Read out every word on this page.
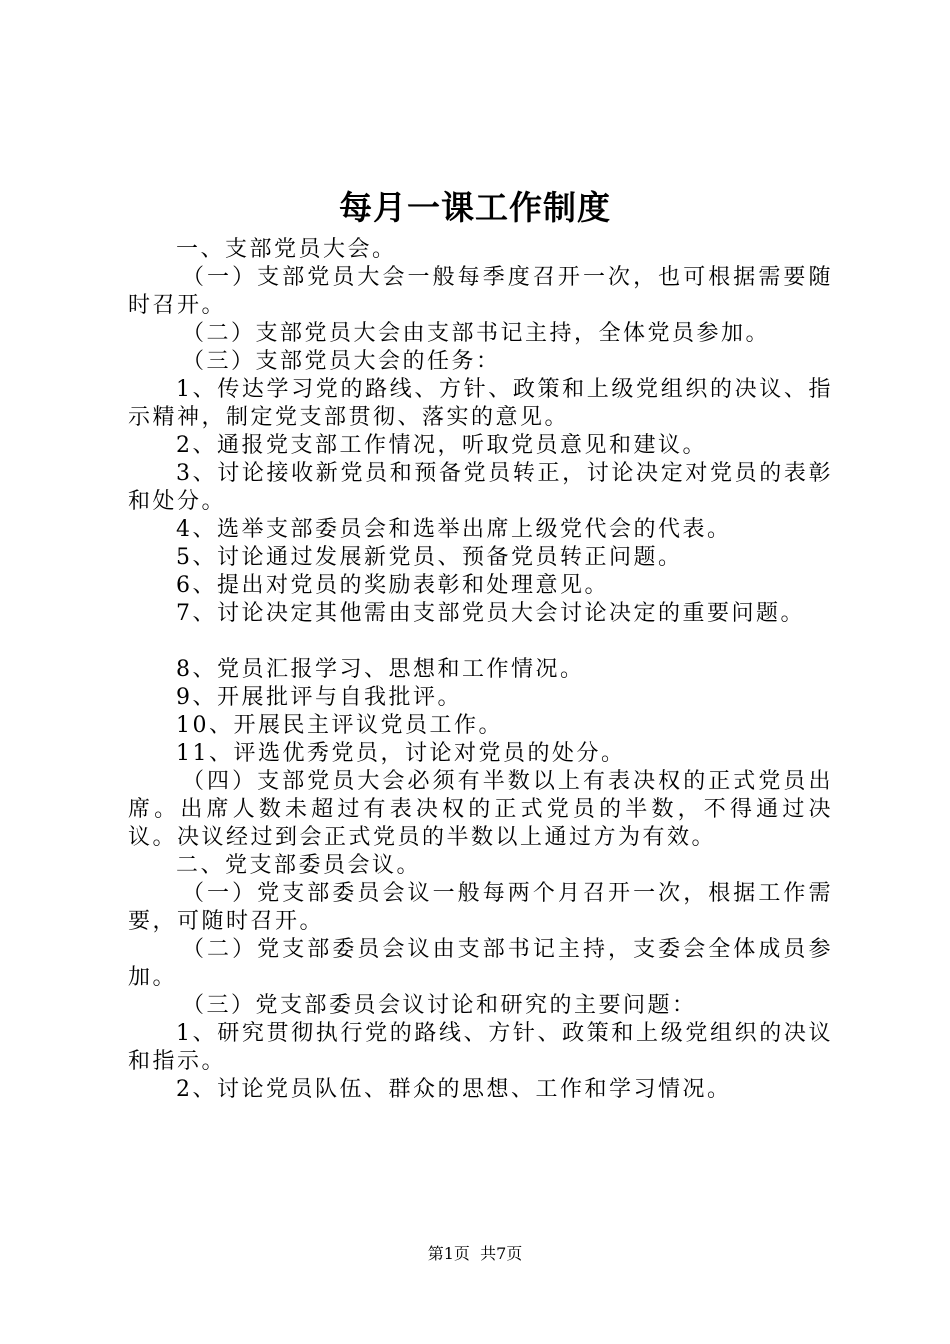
每月一课工作制度

一、支部党员大会。

（一）支部党员大会一般每季度召开一次，也可根据需要随时召开。

（二）支部党员大会由支部书记主持，全体党员参加。

（三）支部党员大会的任务：

1、传达学习党的路线、方针、政策和上级党组织的决议、指示精神，制定党支部贯彻、落实的意见。

2、通报党支部工作情况，听取党员意见和建议。

3、讨论接收新党员和预备党员转正，讨论决定对党员的表彰和处分。

4、选举支部委员会和选举出席上级党代会的代表。

5、讨论通过发展新党员、预备党员转正问题。

6、提出对党员的奖励表彰和处理意见。

7、讨论决定其他需由支部党员大会讨论决定的重要问题。

8、党员汇报学习、思想和工作情况。

9、开展批评与自我批评。

10、开展民主评议党员工作。

11、评选优秀党员，讨论对党员的处分。

（四）支部党员大会必须有半数以上有表决权的正式党员出席。出席人数未超过有表决权的正式党员的半数，不得通过决议。决议经过到会正式党员的半数以上通过方为有效。

二、党支部委员会议。

（一）党支部委员会议一般每两个月召开一次，根据工作需要，可随时召开。

（二）党支部委员会议由支部书记主持，支委会全体成员参加。

（三）党支部委员会议讨论和研究的主要问题：

1、研究贯彻执行党的路线、方针、政策和上级党组织的决议和指示。

2、讨论党员队伍、群众的思想、工作和学习情况。

第1页 共7页
